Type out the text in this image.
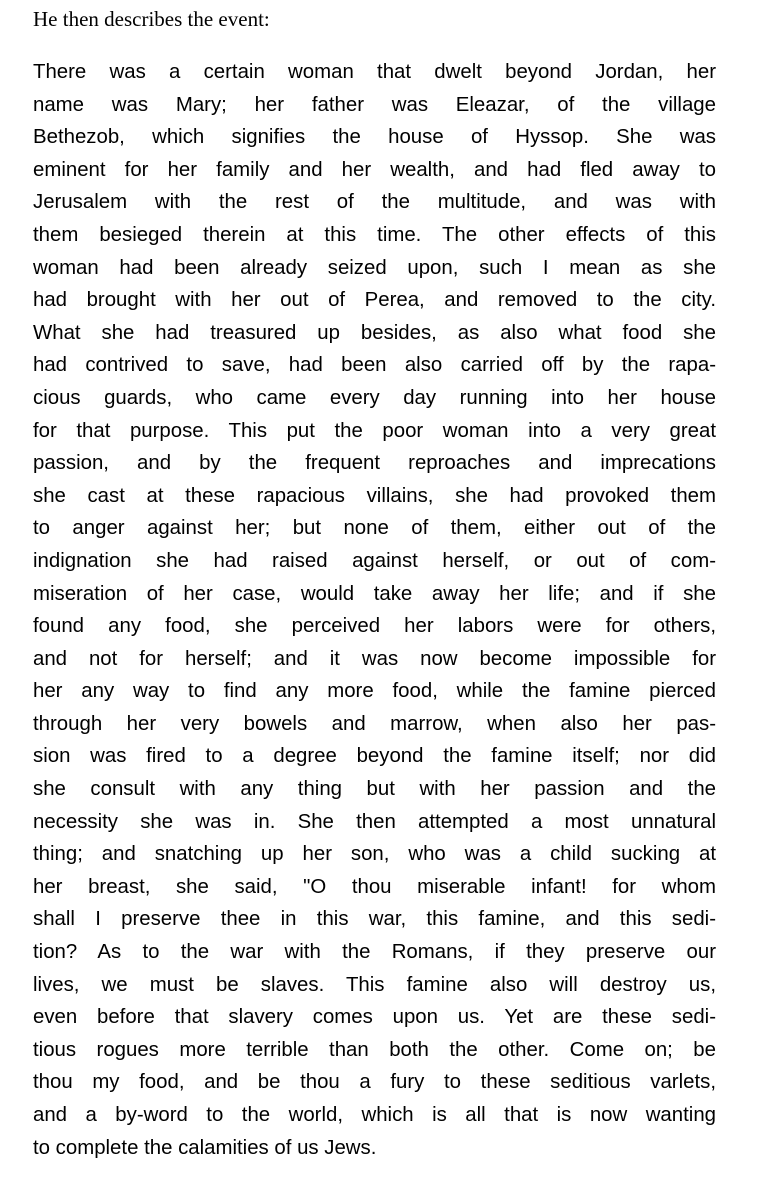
He then describes the event:

There was a certain woman that dwelt beyond Jordan, her
name was Mary; her father was Eleazar, of the village
Bethezob, which signifies the house of Hyssop. She was
eminent for her family and her wealth, and had fled away to
Jerusalem with the rest of the multitude, and was with
them besieged therein at this time. The other effects of this
woman had been already seized upon, such I mean as she
had brought with her out of Perea, and removed to the city.
What she had treasured up besides, as also what food she
had contrived to save, had been also carried off by the rapa-
cious guards, who came every day running into her house
for that purpose. This put the poor woman into a very great
passion, and by the frequent reproaches and imprecations
she cast at these rapacious villains, she had provoked them
to anger against her; but none of them, either out of the
indignation she had raised against herself, or out of com-
miseration of her case, would take away her life; and if she
found any food, she perceived her labors were for others,
and not for herself; and it was now become impossible for
her any way to find any more food, while the famine pierced
through her very bowels and marrow, when also her pas-
sion was fired to a degree beyond the famine itself; nor did
she consult with any thing but with her passion and the
necessity she was in. She then attempted a most unnatural
thing; and snatching up her son, who was a child sucking at
her breast, she said, "O thou miserable infant! for whom
shall I preserve thee in this war, this famine, and this sedi-
tion? As to the war with the Romans, if they preserve our
lives, we must be slaves. This famine also will destroy us,
even before that slavery comes upon us. Yet are these sedi-
tious rogues more terrible than both the other. Come on; be
thou my food, and be thou a fury to these seditious varlets,
and a by-word to the world, which is all that is now wanting
to complete the calamities of us Jews.
